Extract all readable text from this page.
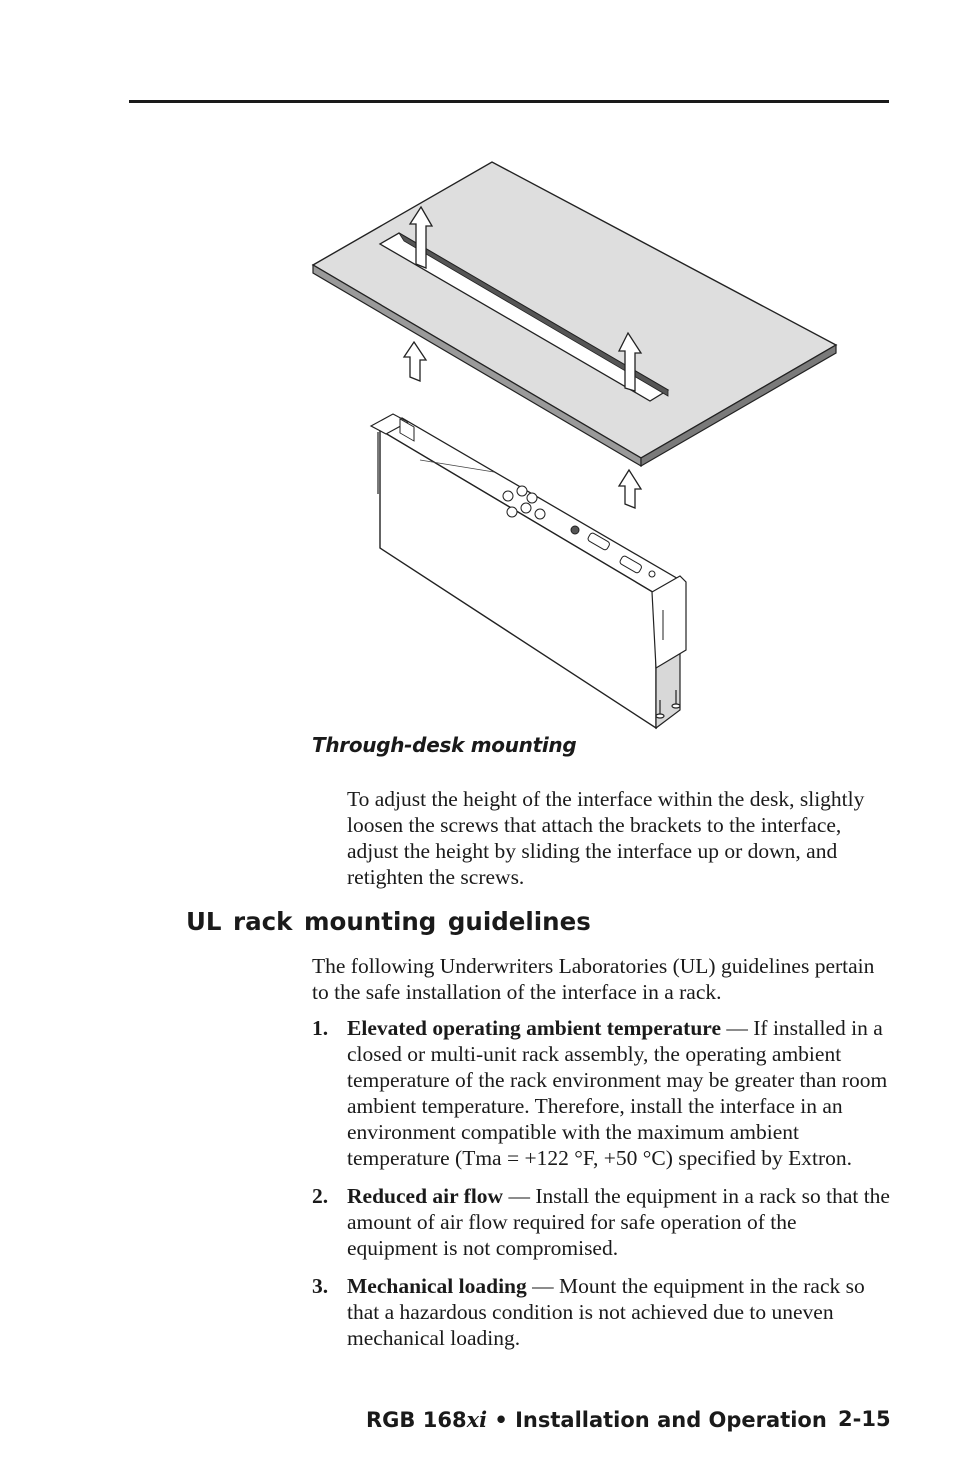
Through-desk mounting

To adjust the height of the interface within the desk, slightly loosen the screws that attach the brackets to the interface, adjust the height by sliding the interface up or down, and retighten the screws.

UL rack mounting guidelines

The following Underwriters Laboratories (UL) guidelines pertain to the safe installation of the interface in a rack.

1. Elevated operating ambient temperature — If installed in a closed or multi-unit rack assembly, the operating ambient temperature of the rack environment may be greater than room ambient temperature. Therefore, install the interface in an environment compatible with the maximum ambient temperature (Tma = +122 °F, +50 °C) specified by Extron.
2. Reduced air flow — Install the equipment in a rack so that the amount of air flow required for safe operation of the equipment is not compromised.
3. Mechanical loading — Mount the equipment in the rack so that a hazardous condition is not achieved due to uneven mechanical loading.
RGB 168xi • Installation and Operation 2-15
